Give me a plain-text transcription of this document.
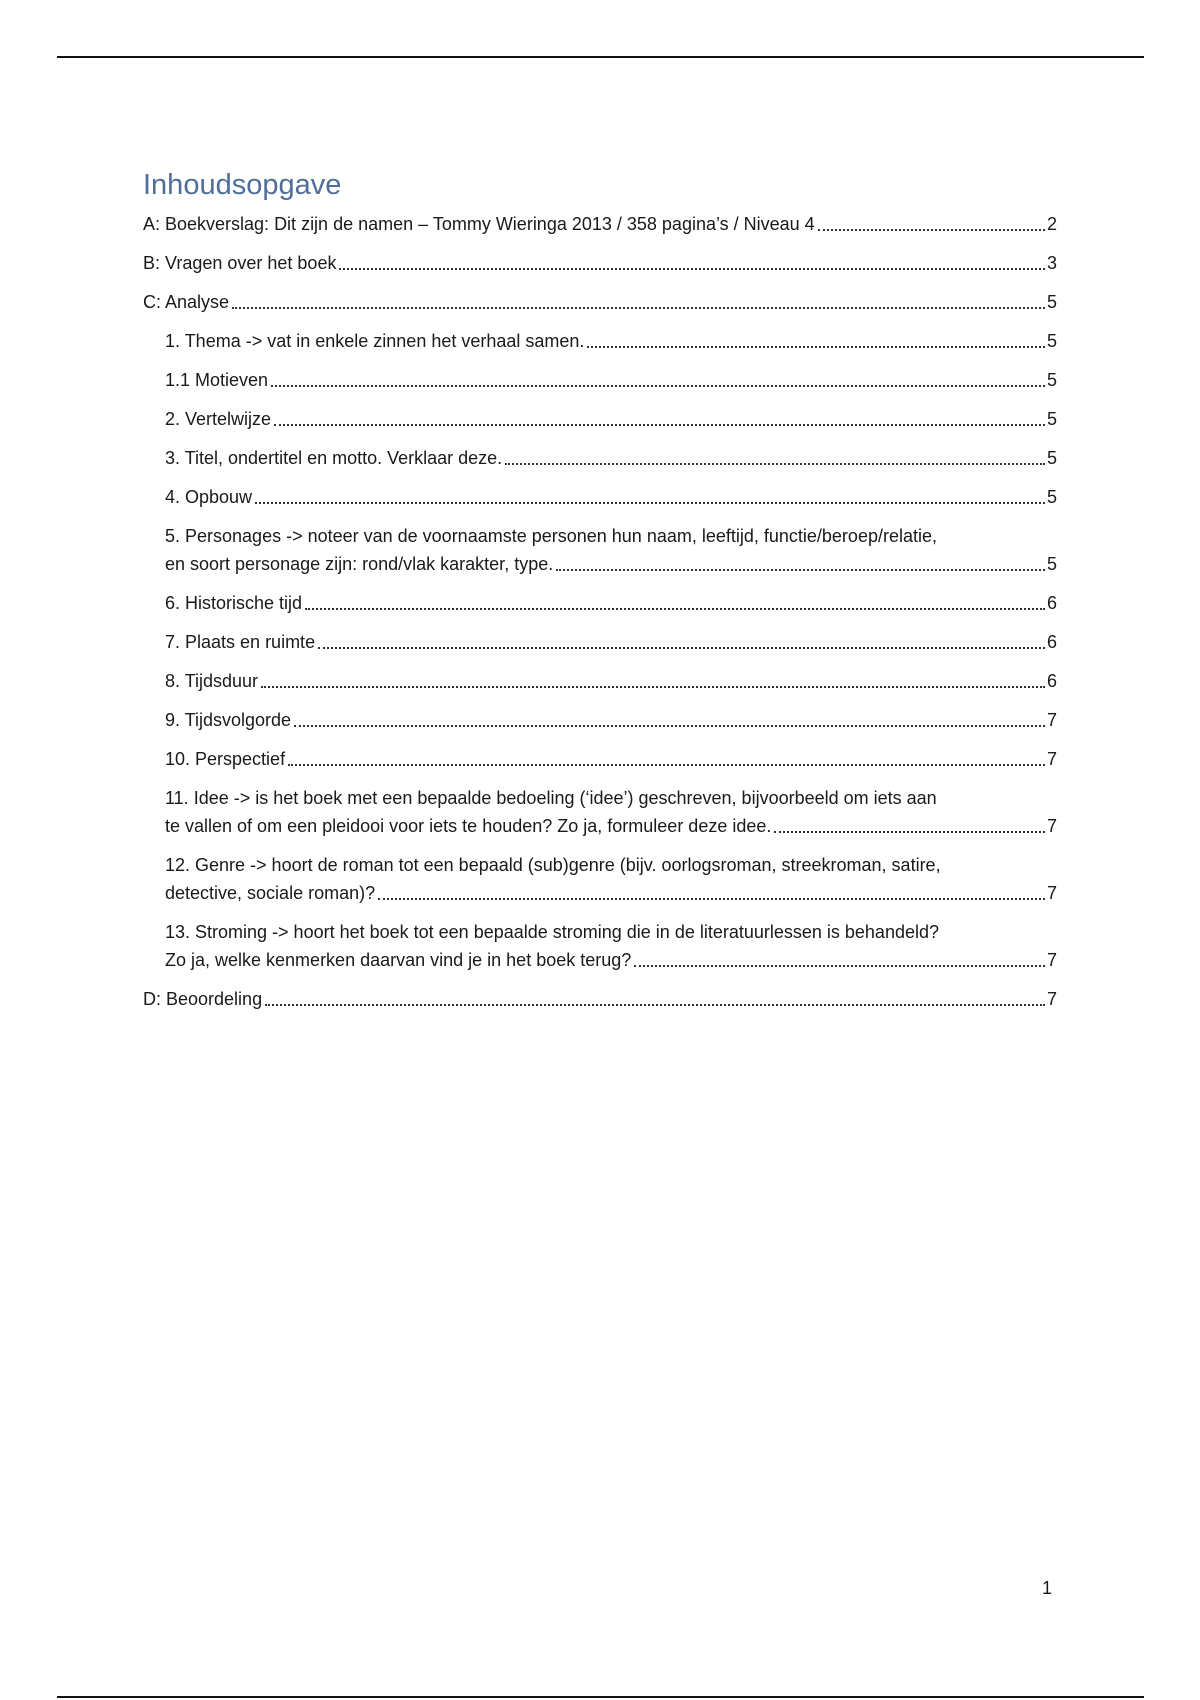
Inhoudsopgave
A: Boekverslag: Dit zijn de namen – Tommy Wieringa 2013 / 358 pagina’s / Niveau 4	2
B: Vragen over het boek	3
C: Analyse	5
1. Thema -> vat in enkele zinnen het verhaal samen.	5
1.1 Motieven	5
2. Vertelwijze	5
3. Titel, ondertitel en motto. Verklaar deze.	5
4. Opbouw	5
5. Personages -> noteer van de voornaamste personen hun naam, leeftijd, functie/beroep/relatie,
en soort personage zijn: rond/vlak karakter, type.	5
6. Historische tijd	6
7. Plaats en ruimte	6
8. Tijdsduur	6
9. Tijdsvolgorde	7
10. Perspectief	7
11. Idee -> is het boek met een bepaalde bedoeling (‘idee’) geschreven, bijvoorbeeld om iets aan
te vallen of om een pleidooi voor iets te houden? Zo ja, formuleer deze idee.	7
12. Genre -> hoort de roman tot een bepaald (sub)genre (bijv. oorlogsroman, streekroman, satire,
detective, sociale roman)?	7
13. Stroming -> hoort het boek tot een bepaalde stroming die in de literatuurlessen is behandeld?
Zo ja, welke kenmerken daarvan vind je in het boek terug?	7
D: Beoordeling	7
1
